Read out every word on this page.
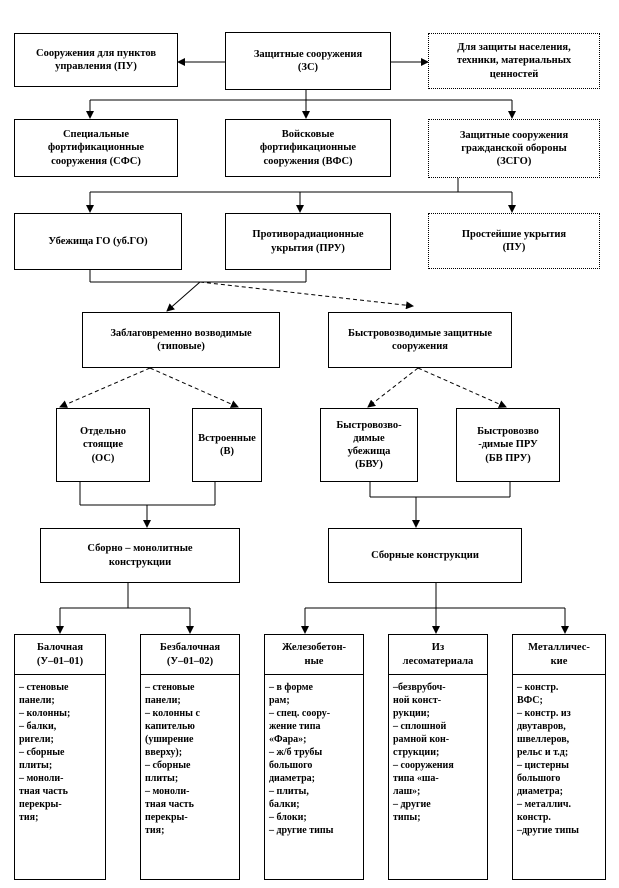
Сооружения для пунктов
управления (ПУ)
Защитные сооружения
(ЗС)
Для защиты населения,
техники, материальных
ценностей
Специальные
фортификационные
сооружения (СФС)
Войсковые
фортификационные
сооружения (ВФС)
Защитные сооружения
гражданской обороны
(ЗСГО)
Убежища ГО (уб.ГО)
Противорадиационные
укрытия (ПРУ)
Простейшие укрытия
(ПУ)
Заблаговременно возводимые
(типовые)
Быстровозводимые защитные
сооружения
Отдельно
стоящие
(ОС)
Встроенные
(В)
Быстровозво-
димые
убежища
(БВУ)
Быстровозво
-димые ПРУ
(БВ ПРУ)
Сборно – монолитные
конструкции
Сборные конструкции
Балочная
(У–01–01)
– стеновые
панели;
– колонны;
– балки,
ригели;
– сборные
плиты;
– моноли-
тная часть
перекры-
тия;
Безбалочная
(У–01–02)
– стеновые
панели;
– колонны с
капителью
(уширение
вверху);
– сборные
плиты;
– моноли-
тная часть
перекры-
тия;
Железобетон-
ные
– в форме
рам;
– спец. соору-
жение типа
«Фара»;
– ж/б трубы
большого
диаметра;
– плиты,
балки;
– блоки;
– другие типы
Из
лесоматериала
–безврубоч-
ной конст-
рукции;
– сплошной
рамной кон-
струкции;
– сооружения
типа «ша-
лаш»;
– другие
типы;
Металличес-
кие
– констр.
ВФС;
– констр. из
двутавров,
швеллеров,
рельс и т.д;
– цистерны
большого
диаметра;
– металлич.
констр.
–другие типы
